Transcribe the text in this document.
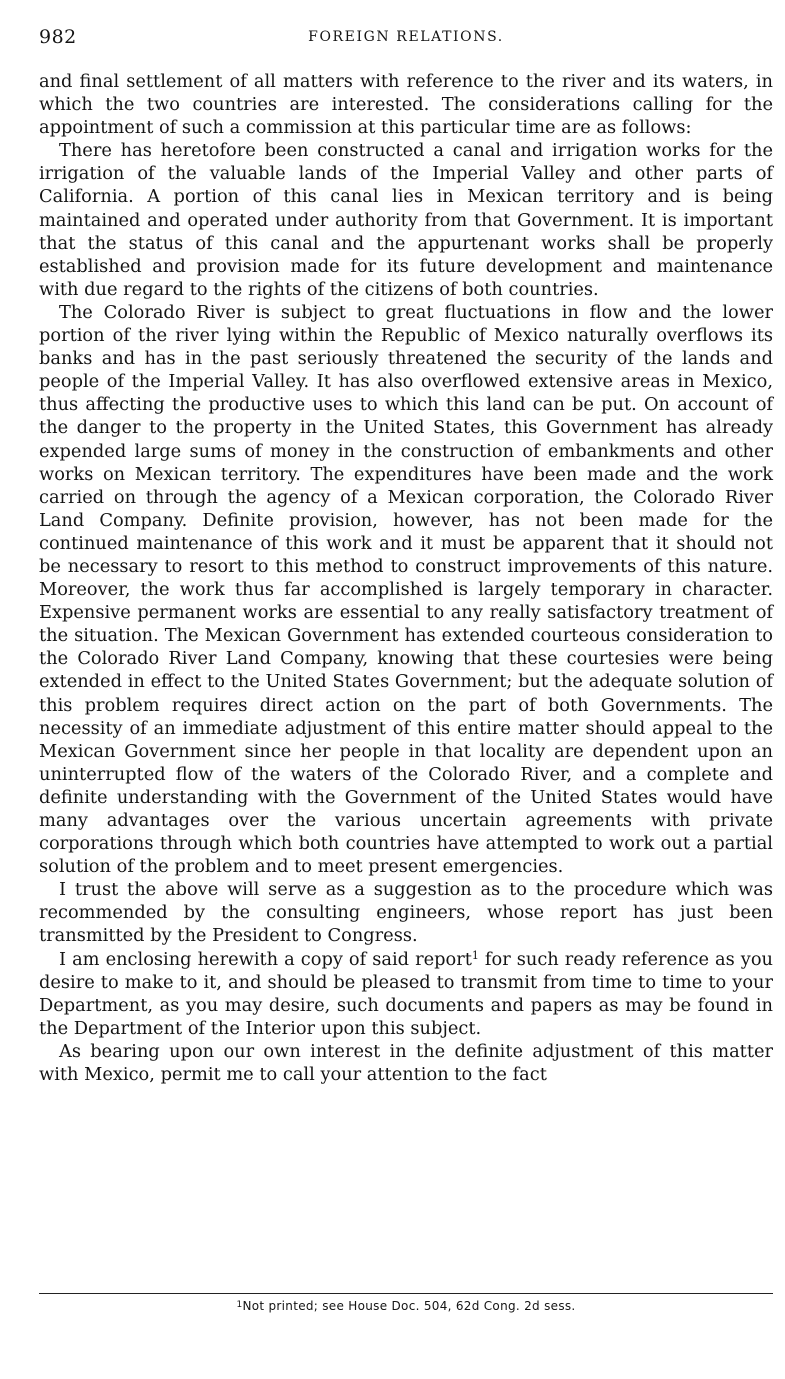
982	FOREIGN RELATIONS.

and final settlement of all matters with reference to the river and its waters, in which the two countries are interested. The considerations calling for the appointment of such a commission at this particular time are as follows:

There has heretofore been constructed a canal and irrigation works for the irrigation of the valuable lands of the Imperial Valley and other parts of California. A portion of this canal lies in Mexican territory and is being maintained and operated under authority from that Government. It is important that the status of this canal and the appurtenant works shall be properly established and provision made for its future development and maintenance with due regard to the rights of the citizens of both countries.

The Colorado River is subject to great fluctuations in flow and the lower portion of the river lying within the Republic of Mexico naturally overflows its banks and has in the past seriously threatened the security of the lands and people of the Imperial Valley. It has also overflowed extensive areas in Mexico, thus affecting the productive uses to which this land can be put. On account of the danger to the property in the United States, this Government has already expended large sums of money in the construction of embankments and other works on Mexican territory. The expenditures have been made and the work carried on through the agency of a Mexican corporation, the Colorado River Land Company. Definite provision, however, has not been made for the continued maintenance of this work and it must be apparent that it should not be necessary to resort to this method to construct improvements of this nature. Moreover, the work thus far accomplished is largely temporary in character. Expensive permanent works are essential to any really satisfactory treatment of the situation. The Mexican Government has extended courteous consideration to the Colorado River Land Company, knowing that these courtesies were being extended in effect to the United States Government; but the adequate solution of this problem requires direct action on the part of both Governments. The necessity of an immediate adjustment of this entire matter should appeal to the Mexican Government since her people in that locality are dependent upon an uninterrupted flow of the waters of the Colorado River, and a complete and definite understanding with the Government of the United States would have many advantages over the various uncertain agreements with private corporations through which both countries have attempted to work out a partial solution of the problem and to meet present emergencies.

I trust the above will serve as a suggestion as to the procedure which was recommended by the consulting engineers, whose report has just been transmitted by the President to Congress.

I am enclosing herewith a copy of said report$^1$ for such ready reference as you desire to make to it, and should be pleased to transmit from time to time to your Department, as you may desire, such documents and papers as may be found in the Department of the Interior upon this subject.

As bearing upon our own interest in the definite adjustment of this matter with Mexico, permit me to call your attention to the fact

$^1$Not printed; see House Doc. 504, 62d Cong. 2d sess.
